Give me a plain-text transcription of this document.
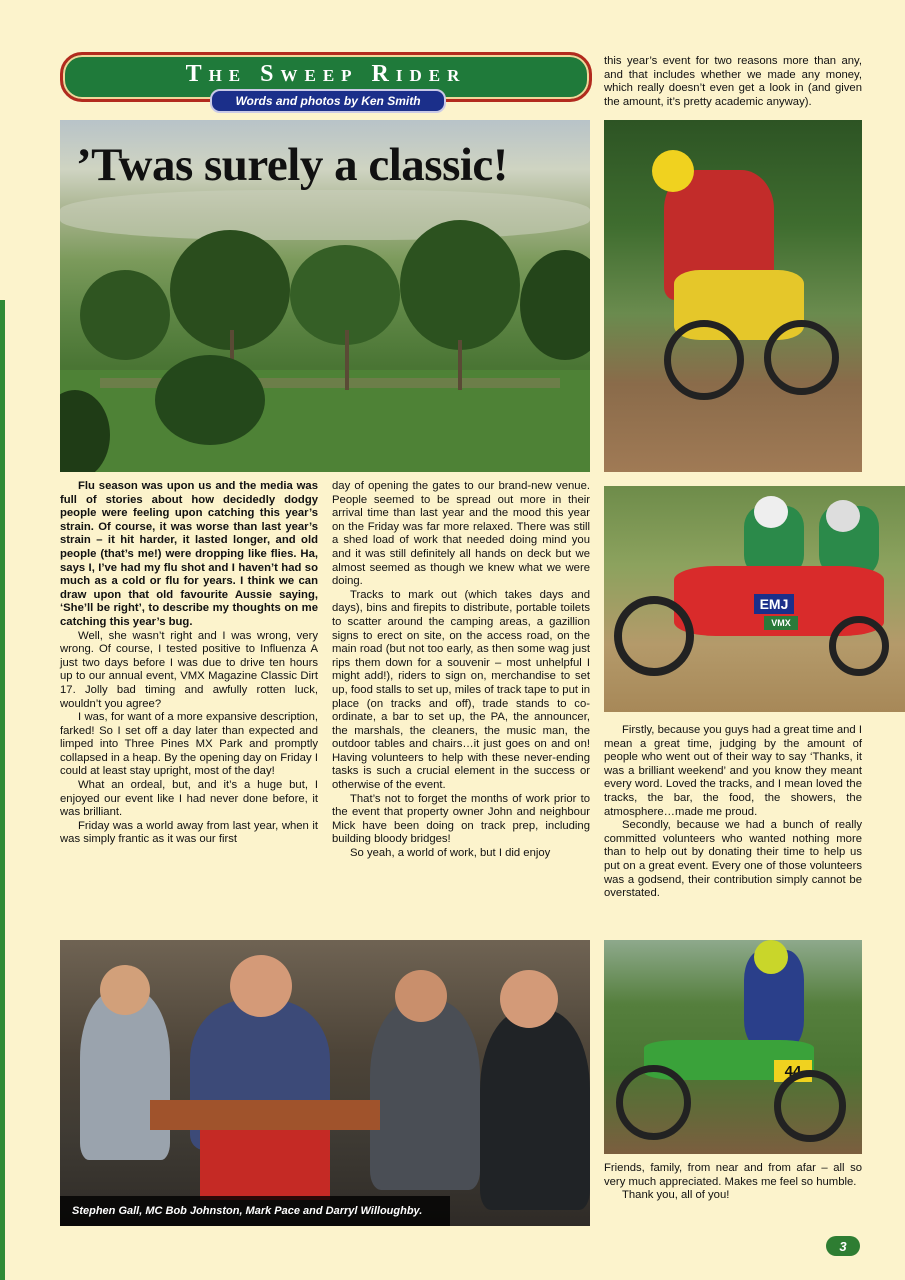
The Sweep Rider
Words and photos by Ken Smith
’Twas surely a classic!

Flu season was upon us and the media was full of stories about how decidedly dodgy people were feeling upon catching this year’s strain. Of course, it was worse than last year’s strain – it hit harder, it lasted longer, and old people (that’s me!) were dropping like flies. Ha, says I, I’ve had my flu shot and I haven’t had so much as a cold or flu for years. I think we can draw upon that old favourite Aussie saying, ‘She’ll be right’, to describe my thoughts on me catching this year’s bug.

Well, she wasn’t right and I was wrong, very wrong. Of course, I tested positive to Influenza A just two days before I was due to drive ten hours up to our annual event, VMX Magazine Classic Dirt 17. Jolly bad timing and awfully rotten luck, wouldn’t you agree?

I was, for want of a more expansive description, farked! So I set off a day later than expected and limped into Three Pines MX Park and promptly collapsed in a heap. By the opening day on Friday I could at least stay upright, most of the day!

What an ordeal, but, and it’s a huge but, I enjoyed our event like I had never done before, it was brilliant.

Friday was a world away from last year, when it was simply frantic as it was our first

day of opening the gates to our brand-new venue. People seemed to be spread out more in their arrival time than last year and the mood this year on the Friday was far more relaxed. There was still a shed load of work that needed doing mind you and it was still definitely all hands on deck but we almost seemed as though we knew what we were doing.

Tracks to mark out (which takes days and days), bins and firepits to distribute, portable toilets to scatter around the camping areas, a gazillion signs to erect on site, on the access road, on the main road (but not too early, as then some wag just rips them down for a souvenir – most unhelpful I might add!), riders to sign on, merchandise to set up, food stalls to set up, miles of track tape to put in place (on tracks and off), trade stands to co-ordinate, a bar to set up, the PA, the announcer, the marshals, the cleaners, the music man, the outdoor tables and chairs…it just goes on and on! Having volunteers to help with these never-ending tasks is such a crucial element in the success or otherwise of the event.

That’s not to forget the months of work prior to the event that property owner John and neighbour Mick have been doing on track prep, including building bloody bridges!

So yeah, a world of work, but I did enjoy

this year’s event for two reasons more than any, and that includes whether we made any money, which really doesn’t even get a look in (and given the amount, it’s pretty academic anyway).

EMJ
VMX

Firstly, because you guys had a great time and I mean a great time, judging by the amount of people who went out of their way to say ‘Thanks, it was a brilliant weekend’ and you know they meant every word. Loved the tracks, and I mean loved the tracks, the bar, the food, the showers, the atmosphere…made me proud.

Secondly, because we had a bunch of really committed volunteers who wanted nothing more than to help out by donating their time to help us put on a great event. Every one of those volunteers was a godsend, their contribution simply cannot be overstated.

Stephen Gall, MC Bob Johnston, Mark Pace and Darryl Willoughby.
44

Friends, family, from near and from afar – all so very much appreciated. Makes me feel so humble.

Thank you, all of you!

3
